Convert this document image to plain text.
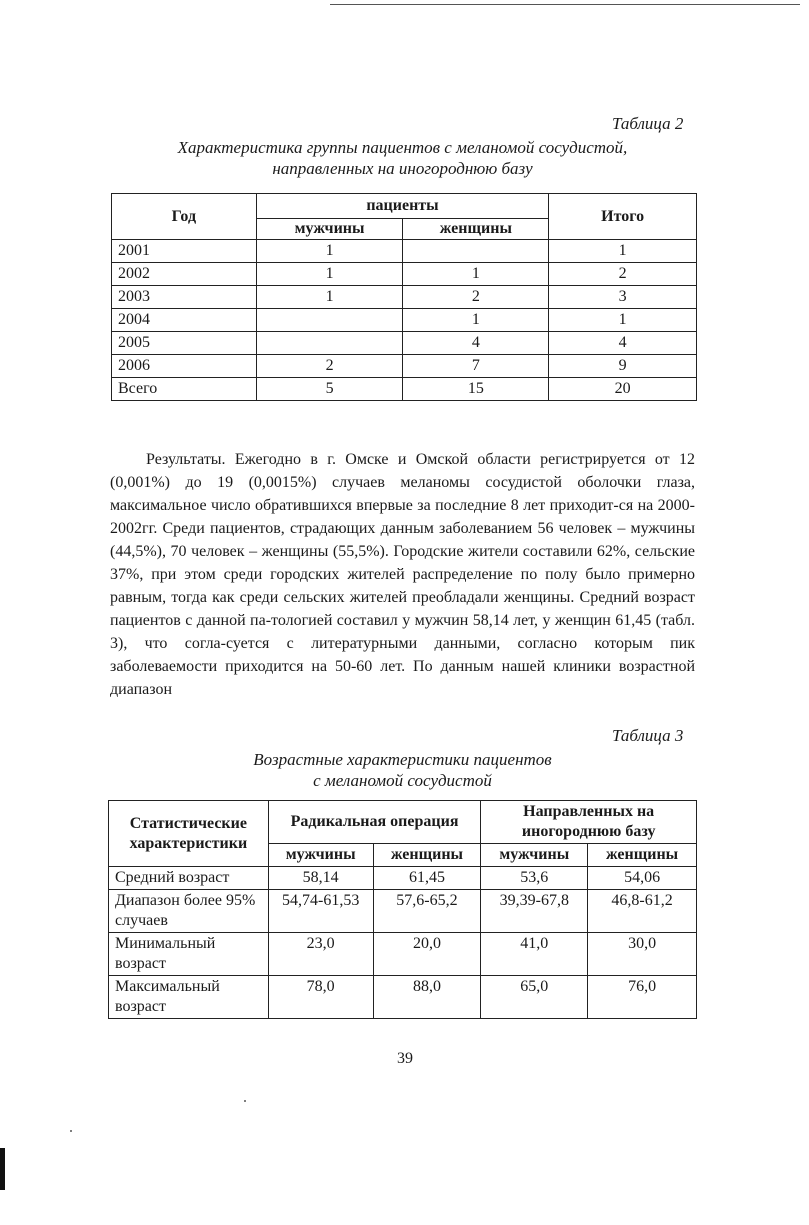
Таблица 2
Характеристика группы пациентов с меланомой сосудистой,
направленных на иногороднюю базу
Год	пациенты		Итого
	мужчины	женщины	
2001	1		1
2002	1	1	2
2003	1	2	3
2004		1	1
2005		4	4
2006	2	7	9
Всего	5	15	20

Результаты. Ежегодно в г. Омске и Омской области регистрируется от 12 (0,001%) до 19 (0,0015%) случаев меланомы сосудистой оболочки глаза, максимальное число обратившихся впервые за последние 8 лет приходит-ся на 2000-2002гг. Среди пациентов, страдающих данным заболеванием 56 человек – мужчины (44,5%), 70 человек – женщины (55,5%). Городские жители составили 62%, сельские 37%, при этом среди городских жителей распределение по полу было примерно равным, тогда как среди сельских жителей преобладали женщины. Средний возраст пациентов с данной па-тологией составил у мужчин 58,14 лет, у женщин 61,45 (табл. 3), что согла-суется с литературными данными, согласно которым пик заболеваемости приходится на 50-60 лет. По данным нашей клиники возрастной диапазон

Таблица 3
Возрастные характеристики пациентов
с меланомой сосудистой
Статистические характеристики	Радикальная операция		Направленных на иногороднюю базу	
	мужчины	женщины	мужчины	женщины
Средний возраст	58,14	61,45	53,6	54,06
Диапазон более 95% случаев	54,74-61,53	57,6-65,2	39,39-67,8	46,8-61,2
Минимальный возраст	23,0	20,0	41,0	30,0
Максимальный возраст	78,0	88,0	65,0	76,0
39
